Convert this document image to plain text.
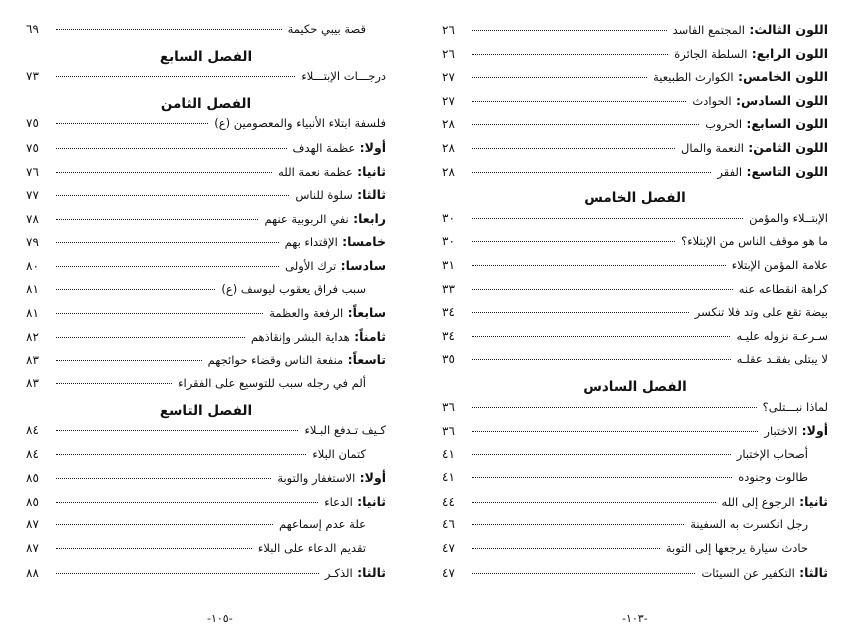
اللون الثالث: المجتمع الفاسد
٢٦
اللون الرابع: السلطة الجائرة
٢٦
اللون الخامس: الكوارث الطبيعية
٢٧
اللون السادس: الحوادث
٢٧
اللون السابع: الحروب
٢٨
اللون الثامن: النعمة والمال
٢٨
اللون التاسع: الفقر
٢٨
الفصل الخامس
الإبتــلاء والمؤمن
٣٠
ما هو موقف الناس من الإبتلاء؟
٣٠
علامة المؤمن الإبتلاء
٣١
كراهة انقطاعه عنه
٣٣
بيضة تقع على وتد فلا تنكسر
٣٤
سـرعـة نزوله عليـه
٣٤
لا يبتلى بفقـد عقلـه
٣٥
الفصل السادس
لماذا نبـــتلى؟
٣٦
أولا: الاختبار
٣٦
أصحاب الإختبار
٤١
طالوت وجنوده
٤١
ثانيا: الرجوع إلى الله
٤٤
رجل انكسرت به السفينة
٤٦
حادث سيارة يرجعها إلى التوبة
٤٧
ثالثا: التكفير عن السيئات
٤٧
قصة بيبي حكيمة
٦٩
الفصل السابع
درجـــات الإبتـــلاء
٧٣
الفصل الثامن
فلسفة ابتلاء الأنبياء والمعصومين (ع)
٧٥
أولا: عظمة الهدف
٧٥
ثانيا: عظمة نعمة الله
٧٦
ثالثا: سلوة للناس
٧٧
رابعا: نفي الربوبية عنهم
٧٨
خامسا: الإقتداء بهم
٧٩
سادسا: ترك الأولى
٨٠
سبب فراق يعقوب ليوسف (ع)
٨١
سابعاً: الرفعة والعظمة
٨١
ثامناً: هداية البشر وإنقاذهم
٨٢
تاسعاً: منفعة الناس وقضاء حوائجهم
٨٣
ألم في رجله سبب للتوسيع على الفقراء
٨٣
الفصل التاسع
كـيف تـدفع البـلاء
٨٤
كتمان البلاء
٨٤
أولا: الاستغفار والتوبة
٨٥
ثانيا: الدعاء
٨٥
علة عدم إسماعهم
٨٧
تقديم الدعاء على البلاء
٨٧
ثالثا: الذكـر
٨٨
-١٠٣-
-١٠٥-
